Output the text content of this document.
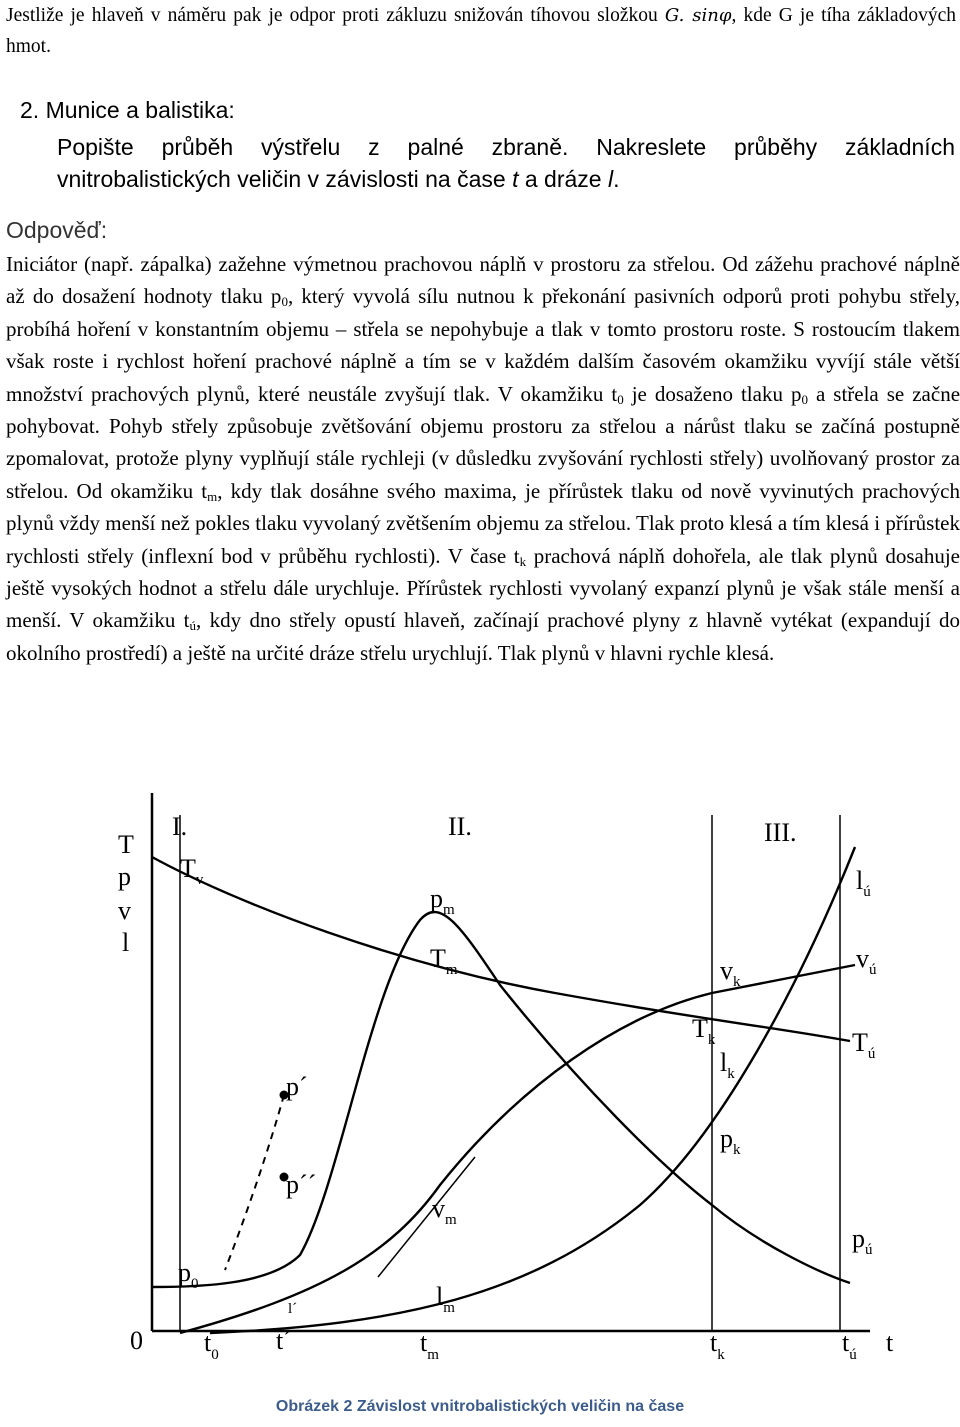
Jestliže je hlaveň v náměru pak je odpor proti zákluzu snižován tíhovou složkou G. sinφ, kde G je tíha základových hmot.
2. Munice a balistika:
Popište průběh výstřelu z palné zbraně. Nakreslete průběhy základních
vnitrobalistických veličin v závislosti na čase t a dráze l.
Odpověď:
Iniciátor (např. zápalka) zažehne výmetnou prachovou náplň v prostoru za střelou. Od zážehu prachové náplně až do dosažení hodnoty tlaku $p_0$, který vyvolá sílu nutnou k překonání pasivních odporů proti pohybu střely, probíhá hoření v konstantním objemu – střela se nepohybuje a tlak v tomto prostoru roste. S rostoucím tlakem však roste i rychlost hoření prachové náplně a tím se v každém dalším časovém okamžiku vyvíjí stále větší množství prachových plynů, které neustále zvyšují tlak. V okamžiku $t_0$ je dosaženo tlaku $p_0$ a střela se začne pohybovat. Pohyb střely způsobuje zvětšování objemu prostoru za střelou a nárůst tlaku se začíná postupně zpomalovat, protože plyny vyplňují stále rychleji (v důsledku zvyšování rychlosti střely) uvolňovaný prostor za střelou. Od okamžiku $t_m$, kdy tlak dosáhne svého maxima, je přírůstek tlaku od nově vyvinutých prachových plynů vždy menší než pokles tlaku vyvolaný zvětšením objemu za střelou. Tlak proto klesá a tím klesá i přírůstek rychlosti střely (inflexní bod v průběhu rychlosti). V čase $t_k$ prachová náplň dohořela, ale tlak plynů dosahuje ještě vysokých hodnot a střelu dále urychluje. Přírůstek rychlosti vyvolaný expanzí plynů je však stále menší a menší. V okamžiku $t_ú$, kdy dno střely opustí hlaveň, začínají prachové plyny z hlavně vytékat (expandují do okolního prostředí) a ještě na určité dráze střelu urychlují. Tlak plynů v hlavni rychle klesá.
I.	II.	III.
T
p
v
l
$T_v$
$p_m$
$T_m$	$v_k$
$T_k$
$l_k$
$p_k$
$l_ú$
$v_ú$
$T_ú$
$p_ú$
p´
p´´
$v_m$
$p_0$	$l_m$
l´
0 $t_0$ t´	$t_m$	$t_k$	$t_ú$ t
Obrázek 2 Závislost vnitrobalistických veličin na čase
